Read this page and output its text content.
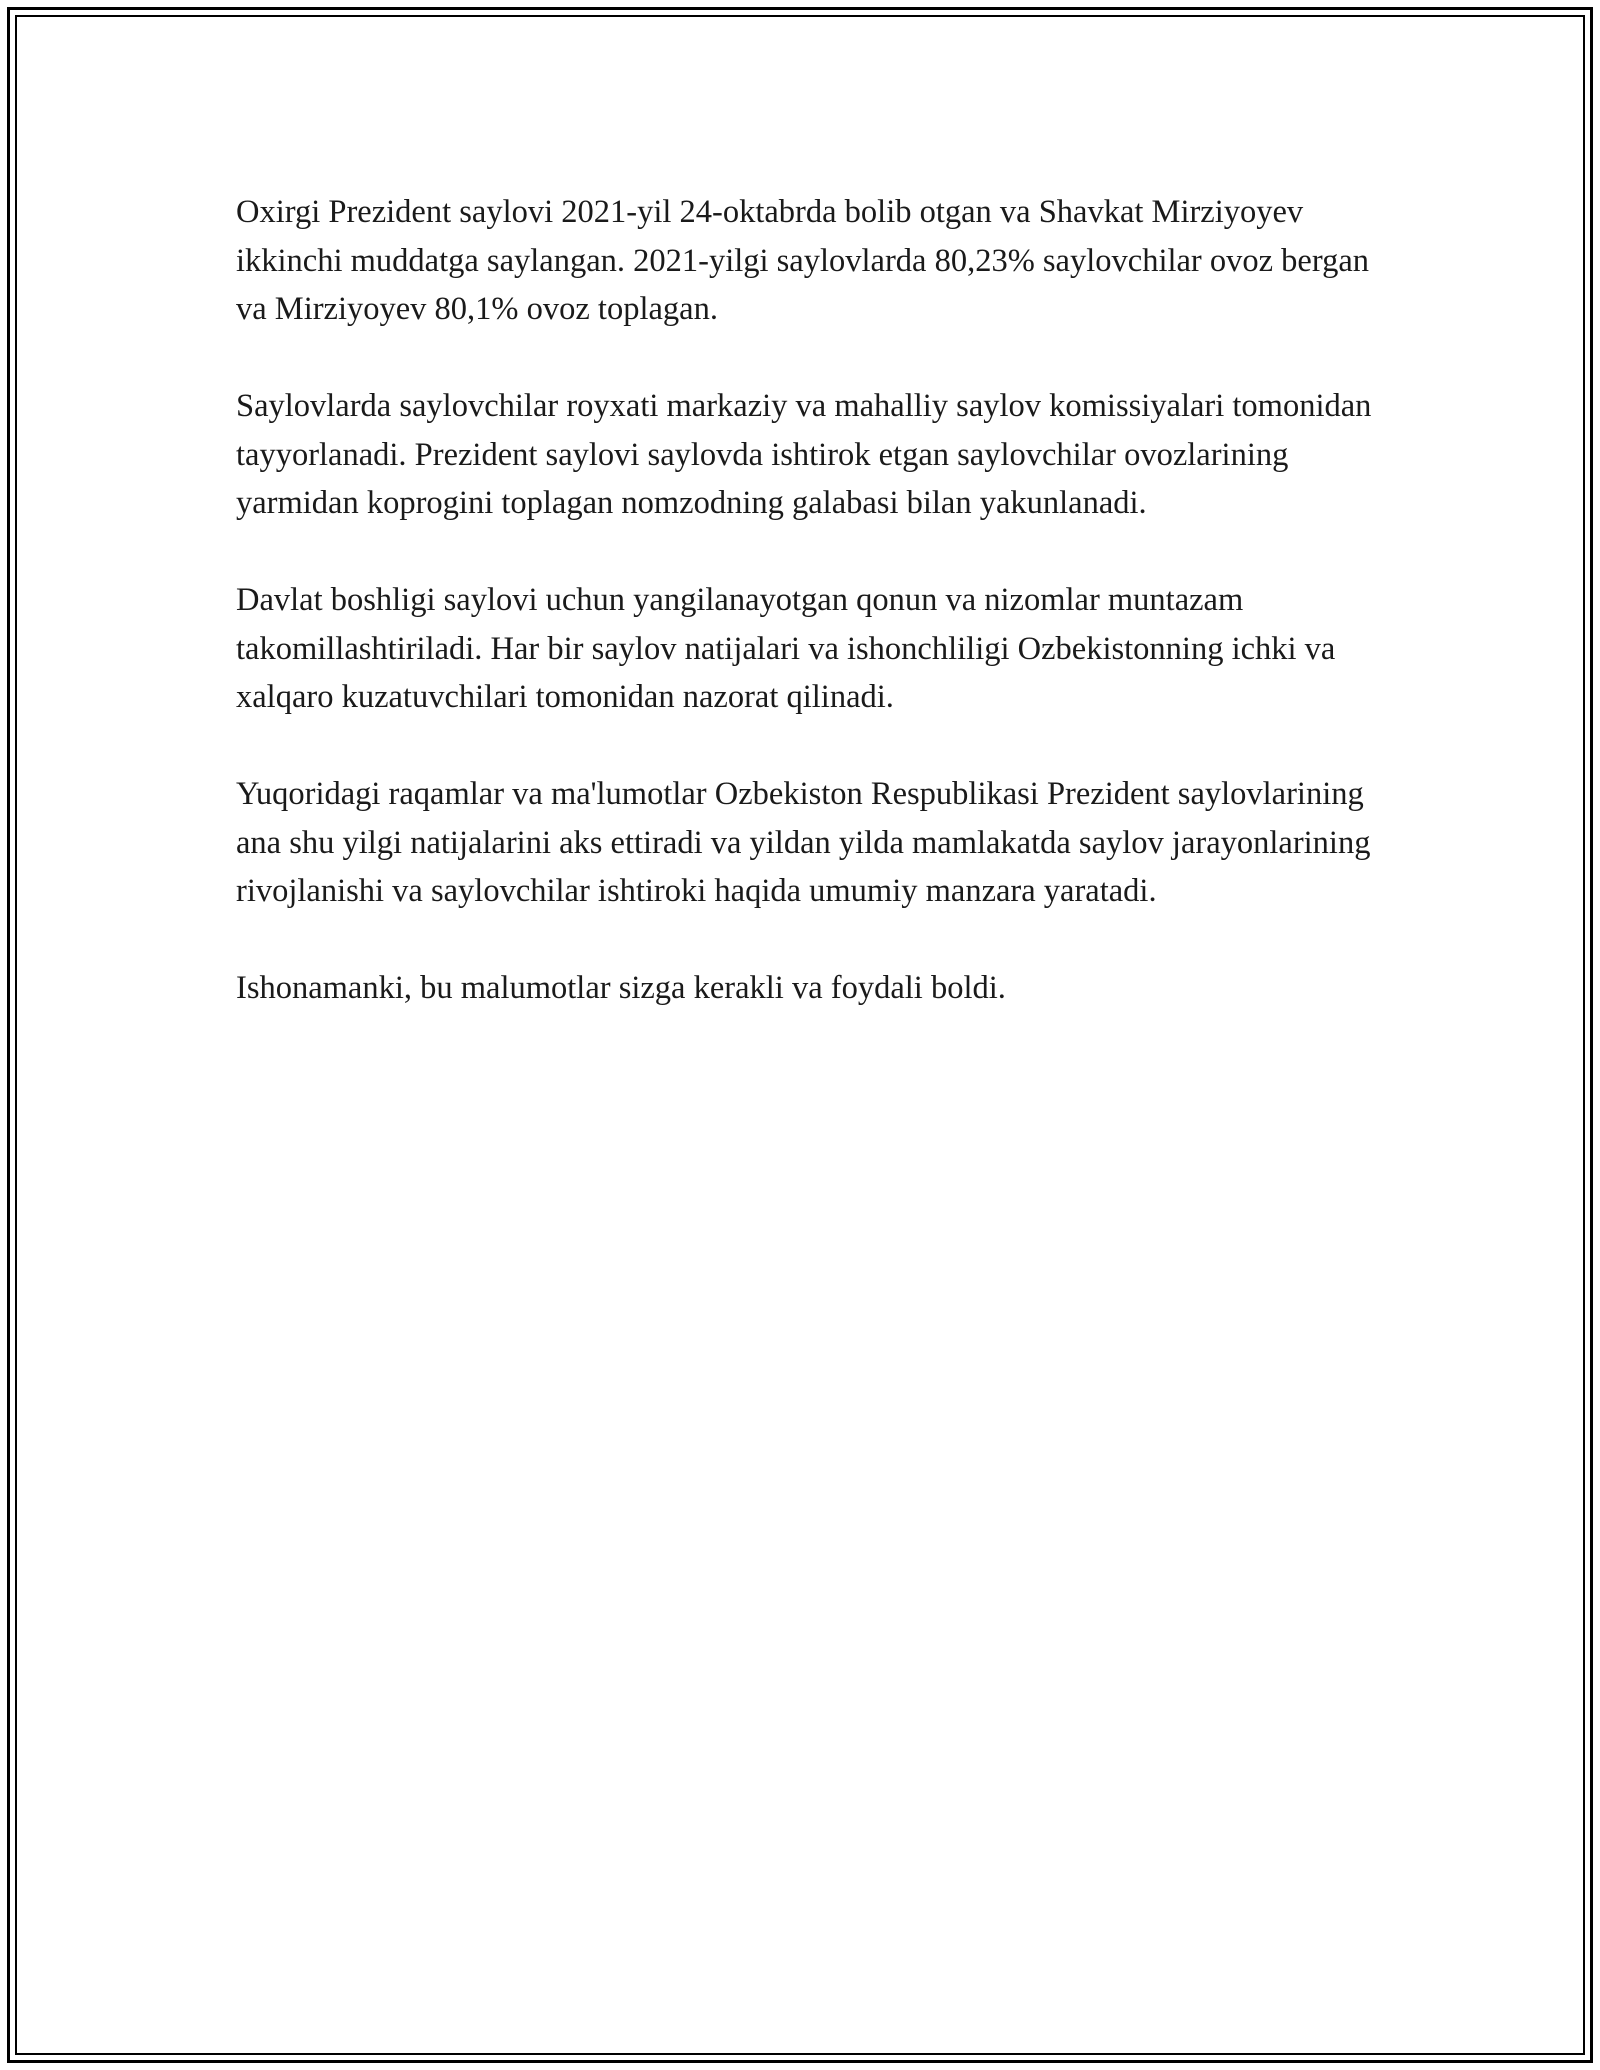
Oxirgi Prezident saylovi 2021-yil 24-oktabrda bolib otgan va Shavkat Mirziyoyev ikkinchi muddatga saylangan. 2021-yilgi saylovlarda 80,23% saylovchilar ovoz bergan va Mirziyoyev 80,1% ovoz toplagan.

Saylovlarda saylovchilar royxati markaziy va mahalliy saylov komissiyalari tomonidan tayyorlanadi. Prezident saylovi saylovda ishtirok etgan saylovchilar ovozlarining yarmidan koprogini toplagan nomzodning galabasi bilan yakunlanadi.

Davlat boshligi saylovi uchun yangilanayotgan qonun va nizomlar muntazam takomillashtiriladi. Har bir saylov natijalari va ishonchliligi Ozbekistonning ichki va xalqaro kuzatuvchilari tomonidan nazorat qilinadi.

Yuqoridagi raqamlar va ma'lumotlar Ozbekiston Respublikasi Prezident saylovlarining ana shu yilgi natijalarini aks ettiradi va yildan yilda mamlakatda saylov jarayonlarining rivojlanishi va saylovchilar ishtiroki haqida umumiy manzara yaratadi.

Ishonamanki, bu malumotlar sizga kerakli va foydali boldi.
